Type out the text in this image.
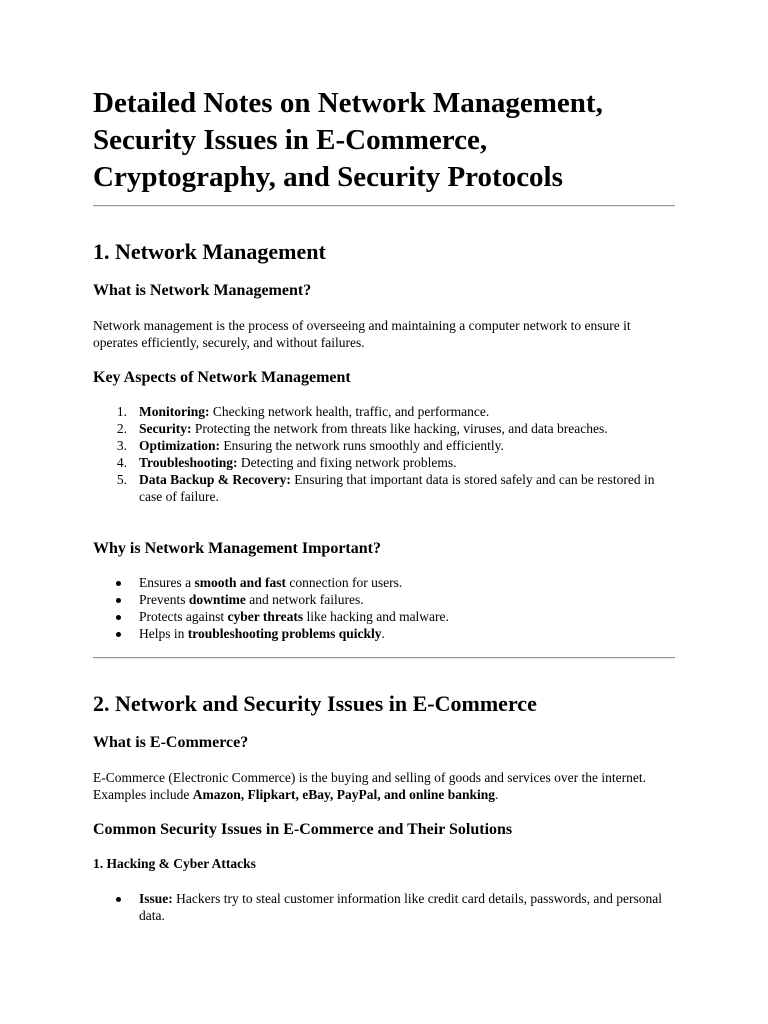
Detailed Notes on Network Management, Security Issues in E-Commerce, Cryptography, and Security Protocols
1. Network Management
What is Network Management?

Network management is the process of overseeing and maintaining a computer network to ensure it operates efficiently, securely, and without failures.

Key Aspects of Network Management
1. Monitoring: Checking network health, traffic, and performance.
2. Security: Protecting the network from threats like hacking, viruses, and data breaches.
3. Optimization: Ensuring the network runs smoothly and efficiently.
4. Troubleshooting: Detecting and fixing network problems.
5. Data Backup & Recovery: Ensuring that important data is stored safely and can be restored in case of failure.
Why is Network Management Important?
Ensures a smooth and fast connection for users.
Prevents downtime and network failures.
Protects against cyber threats like hacking and malware.
Helps in troubleshooting problems quickly.
2. Network and Security Issues in E-Commerce
What is E-Commerce?

E-Commerce (Electronic Commerce) is the buying and selling of goods and services over the internet. Examples include Amazon, Flipkart, eBay, PayPal, and online banking.

Common Security Issues in E-Commerce and Their Solutions
1. Hacking & Cyber Attacks
Issue: Hackers try to steal customer information like credit card details, passwords, and personal data.
